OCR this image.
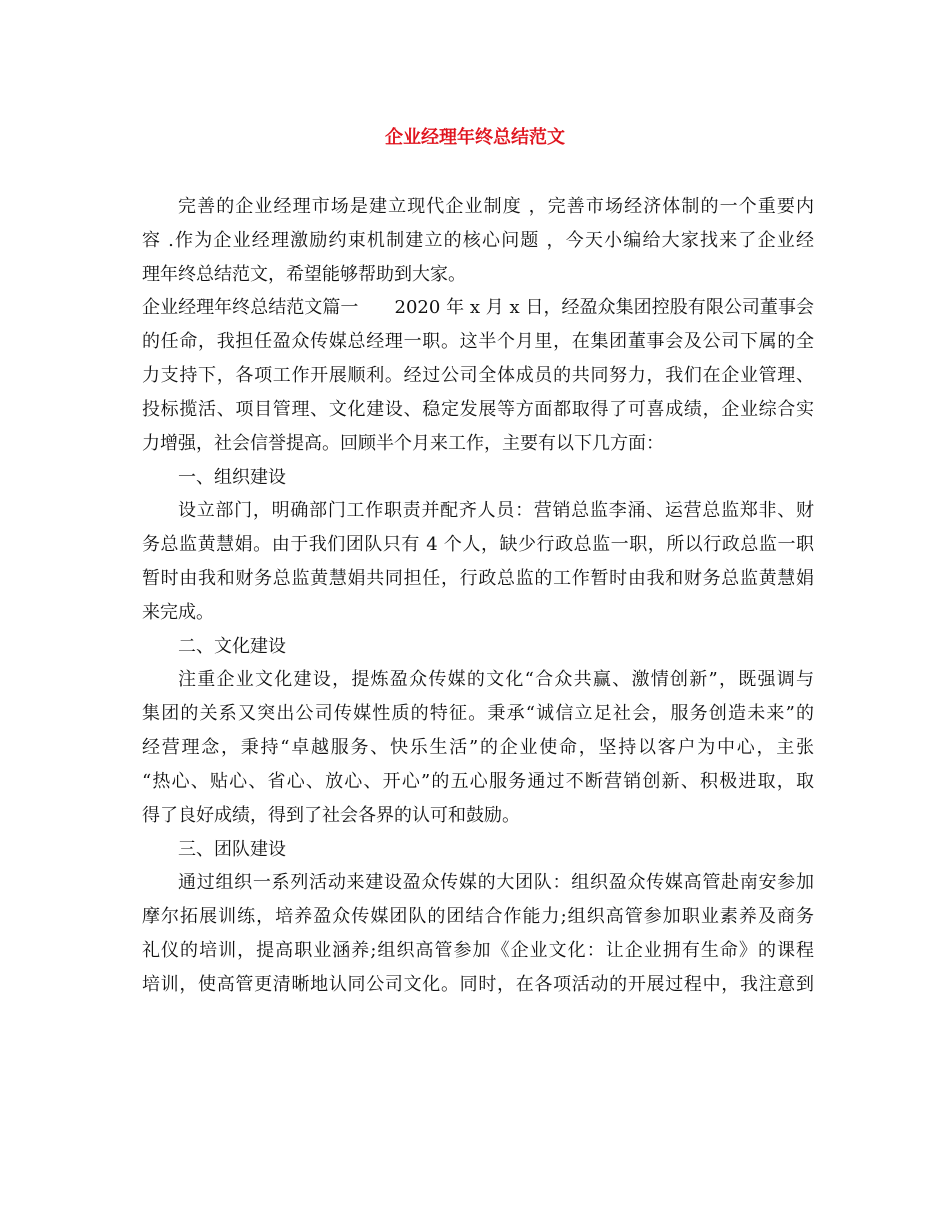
企业经理年终总结范文
完善的企业经理市场是建立现代企业制度 ，完善市场经济体制的一个重要内
容 .作为企业经理激励约束机制建立的核心问题 ，今天小编给大家找来了企业经
理年终总结范文，希望能够帮助到大家。
企业经理年终总结范文篇一　　2020 年 x 月 x 日，经盈众集团控股有限公司董事会
的任命，我担任盈众传媒总经理一职。这半个月里，在集团董事会及公司下属的全
力支持下，各项工作开展顺利。经过公司全体成员的共同努力，我们在企业管理、
投标揽活、项目管理、文化建设、稳定发展等方面都取得了可喜成绩，企业综合实
力增强，社会信誉提高。回顾半个月来工作，主要有以下几方面：
一、组织建设
设立部门，明确部门工作职责并配齐人员：营销总监李涌、运营总监郑非、财
务总监黄慧娟。由于我们团队只有 4 个人，缺少行政总监一职，所以行政总监一职
暂时由我和财务总监黄慧娟共同担任，行政总监的工作暂时由我和财务总监黄慧娟
来完成。
二、文化建设
注重企业文化建设，提炼盈众传媒的文化“合众共赢、激情创新”，既强调与
集团的关系又突出公司传媒性质的特征。秉承“诚信立足社会，服务创造未来”的
经营理念，秉持“卓越服务、快乐生活”的企业使命，坚持以客户为中心，主张
“热心、贴心、省心、放心、开心”的五心服务通过不断营销创新、积极进取，取
得了良好成绩，得到了社会各界的认可和鼓励。
三、团队建设
通过组织一系列活动来建设盈众传媒的大团队：组织盈众传媒高管赴南安参加
摩尔拓展训练，培养盈众传媒团队的团结合作能力;组织高管参加职业素养及商务
礼仪的培训，提高职业涵养;组织高管参加《企业文化：让企业拥有生命》的课程
培训，使高管更清晰地认同公司文化。同时，在各项活动的开展过程中，我注意到
